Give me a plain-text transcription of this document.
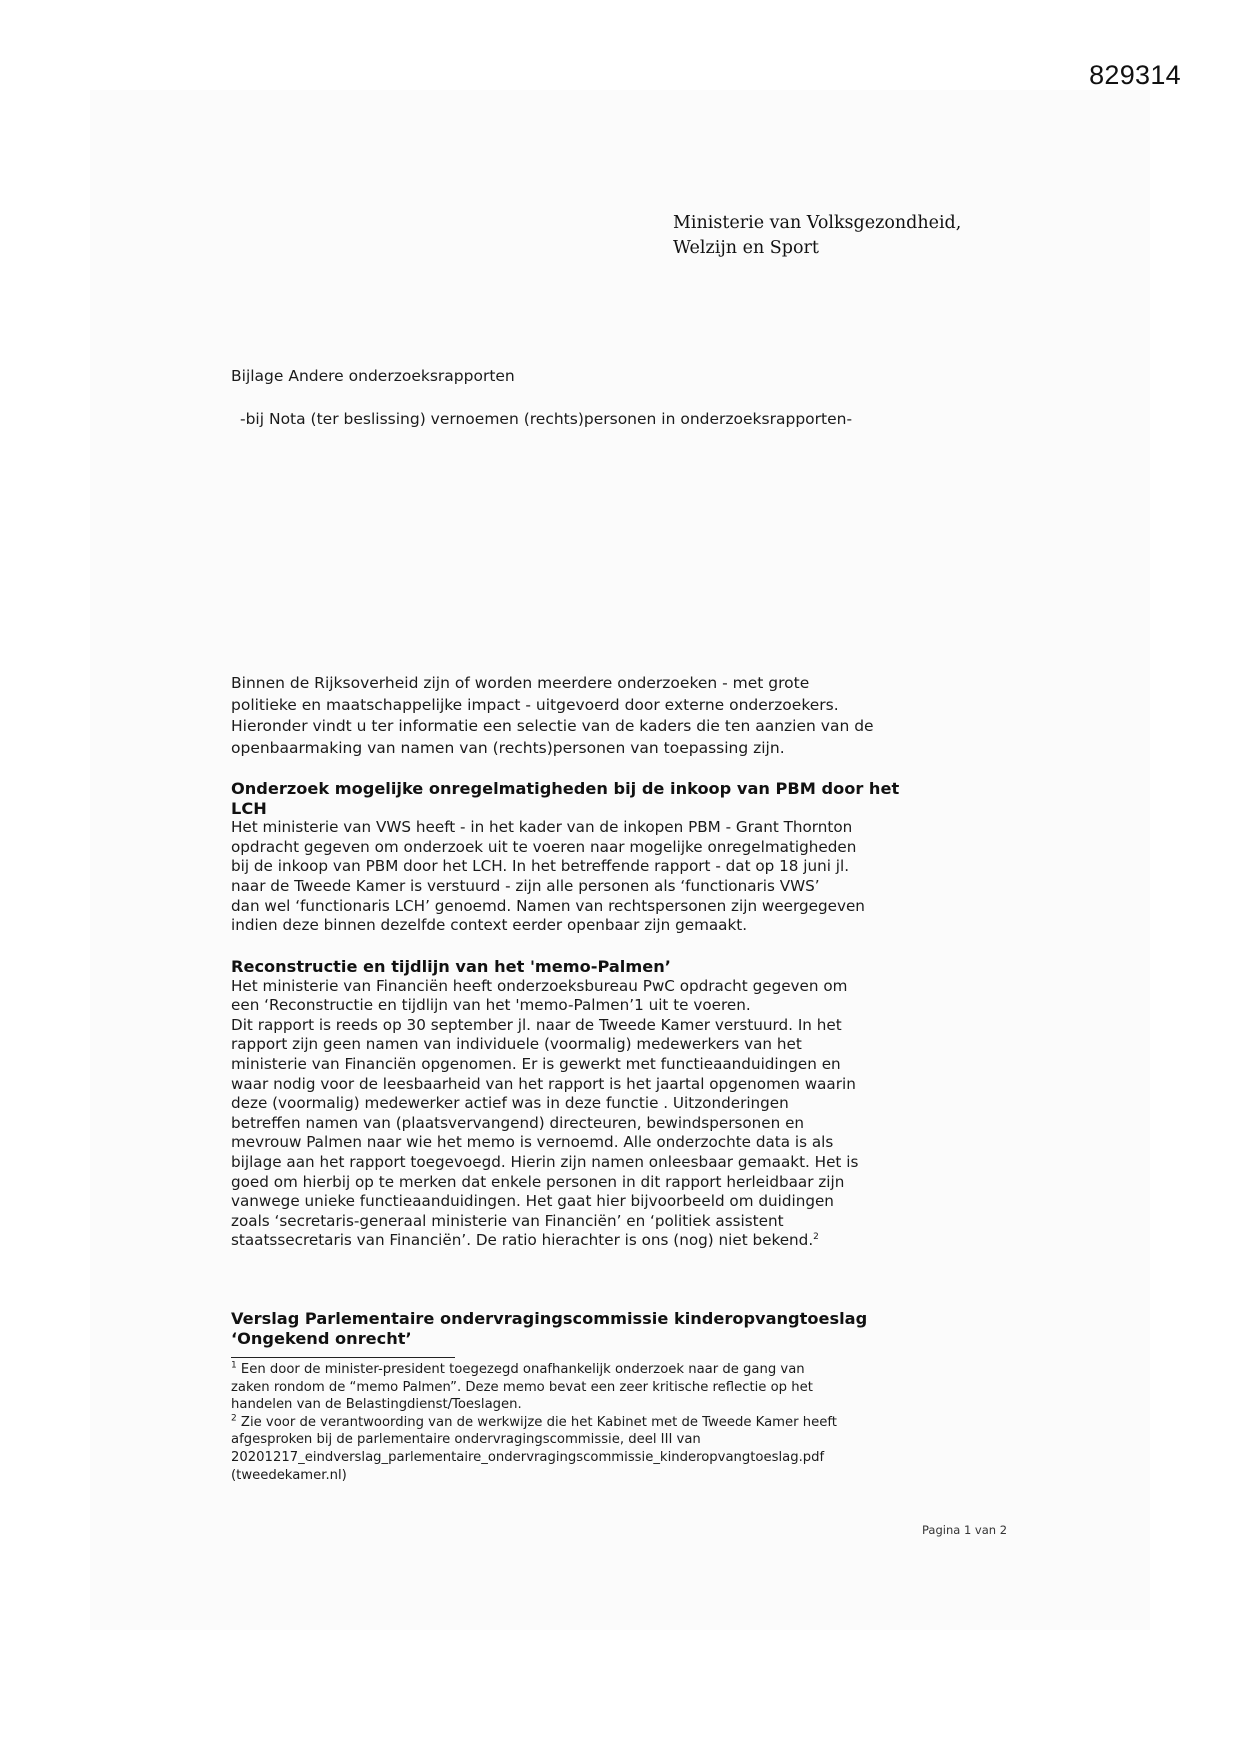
829314
Ministerie van Volksgezondheid,
Welzijn en Sport
Bijlage Andere onderzoeksrapporten
-bij Nota (ter beslissing) vernoemen (rechts)personen in onderzoeksrapporten-
Binnen de Rijksoverheid zijn of worden meerdere onderzoeken - met grote
politieke en maatschappelijke impact - uitgevoerd door externe onderzoekers.
Hieronder vindt u ter informatie een selectie van de kaders die ten aanzien van de
openbaarmaking van namen van (rechts)personen van toepassing zijn.
Onderzoek mogelijke onregelmatigheden bij de inkoop van PBM door het
LCH

Het ministerie van VWS heeft - in het kader van de inkopen PBM - Grant Thornton
opdracht gegeven om onderzoek uit te voeren naar mogelijke onregelmatigheden
bij de inkoop van PBM door het LCH. In het betreffende rapport - dat op 18 juni jl.
naar de Tweede Kamer is verstuurd - zijn alle personen als ‘functionaris VWS’
dan wel ‘functionaris LCH’ genoemd. Namen van rechtspersonen zijn weergegeven
indien deze binnen dezelfde context eerder openbaar zijn gemaakt.

Reconstructie en tijdlijn van het 'memo-Palmen’

Het ministerie van Financiën heeft onderzoeksbureau PwC opdracht gegeven om
een ‘Reconstructie en tijdlijn van het 'memo-Palmen’1 uit te voeren.
Dit rapport is reeds op 30 september jl. naar de Tweede Kamer verstuurd. In het
rapport zijn geen namen van individuele (voormalig) medewerkers van het
ministerie van Financiën opgenomen. Er is gewerkt met functieaanduidingen en
waar nodig voor de leesbaarheid van het rapport is het jaartal opgenomen waarin
deze (voormalig) medewerker actief was in deze functie . Uitzonderingen
betreffen namen van (plaatsvervangend) directeuren, bewindspersonen en
mevrouw Palmen naar wie het memo is vernoemd. Alle onderzochte data is als
bijlage aan het rapport toegevoegd. Hierin zijn namen onleesbaar gemaakt. Het is
goed om hierbij op te merken dat enkele personen in dit rapport herleidbaar zijn
vanwege unieke functieaanduidingen. Het gaat hier bijvoorbeeld om duidingen
zoals ‘secretaris-generaal ministerie van Financiën’ en ‘politiek assistent
staatssecretaris van Financiën’. De ratio hierachter is ons (nog) niet bekend.$^2$

Verslag Parlementaire ondervragingscommissie kinderopvangtoeslag
‘Ongekend onrecht’

$^1$ Een door de minister-president toegezegd onafhankelijk onderzoek naar de gang van
zaken rondom de “memo Palmen”. Deze memo bevat een zeer kritische reflectie op het
handelen van de Belastingdienst/Toeslagen.

$^2$ Zie voor de verantwoording van de werkwijze die het Kabinet met de Tweede Kamer heeft
afgesproken bij de parlementaire ondervragingscommissie, deel III van
20201217_eindverslag_parlementaire_ondervragingscommissie_kinderopvangtoeslag.pdf
(tweedekamer.nl)

Pagina 1 van 2
